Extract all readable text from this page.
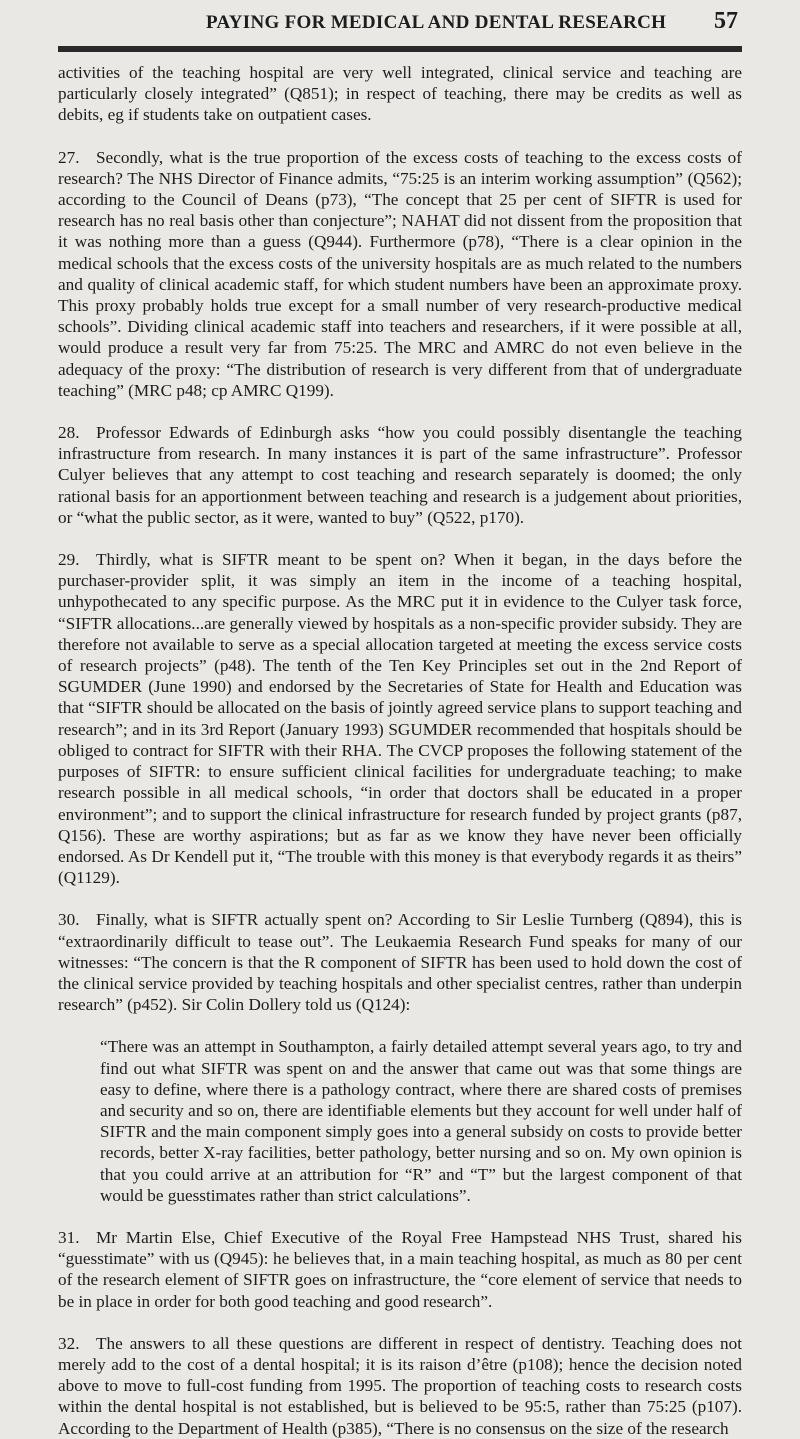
PAYING FOR MEDICAL AND DENTAL RESEARCH 57

activities of the teaching hospital are very well integrated, clinical service and teaching are particularly closely integrated” (Q851); in respect of teaching, there may be credits as well as debits, eg if students take on outpatient cases.

27. Secondly, what is the true proportion of the excess costs of teaching to the excess costs of research? The NHS Director of Finance admits, “75:25 is an interim working assumption” (Q562); according to the Council of Deans (p73), “The concept that 25 per cent of SIFTR is used for research has no real basis other than conjecture”; NAHAT did not dissent from the proposition that it was nothing more than a guess (Q944). Furthermore (p78), “There is a clear opinion in the medical schools that the excess costs of the university hospitals are as much related to the numbers and quality of clinical academic staff, for which student numbers have been an approximate proxy. This proxy probably holds true except for a small number of very research-productive medical schools”. Dividing clinical academic staff into teachers and researchers, if it were possible at all, would produce a result very far from 75:25. The MRC and AMRC do not even believe in the adequacy of the proxy: “The distribution of research is very different from that of undergraduate teaching” (MRC p48; cp AMRC Q199).

28. Professor Edwards of Edinburgh asks “how you could possibly disentangle the teaching infrastructure from research. In many instances it is part of the same infrastructure”. Professor Culyer believes that any attempt to cost teaching and research separately is doomed; the only rational basis for an apportionment between teaching and research is a judgement about priorities, or “what the public sector, as it were, wanted to buy” (Q522, p170).

29. Thirdly, what is SIFTR meant to be spent on? When it began, in the days before the purchaser-provider split, it was simply an item in the income of a teaching hospital, unhypothecated to any specific purpose. As the MRC put it in evidence to the Culyer task force, “SIFTR allocations...are generally viewed by hospitals as a non-specific provider subsidy. They are therefore not available to serve as a special allocation targeted at meeting the excess service costs of research projects” (p48). The tenth of the Ten Key Principles set out in the 2nd Report of SGUMDER (June 1990) and endorsed by the Secretaries of State for Health and Education was that “SIFTR should be allocated on the basis of jointly agreed service plans to support teaching and research”; and in its 3rd Report (January 1993) SGUMDER recommended that hospitals should be obliged to contract for SIFTR with their RHA. The CVCP proposes the following statement of the purposes of SIFTR: to ensure sufficient clinical facilities for undergraduate teaching; to make research possible in all medical schools, “in order that doctors shall be educated in a proper environment”; and to support the clinical infrastructure for research funded by project grants (p87, Q156). These are worthy aspirations; but as far as we know they have never been officially endorsed. As Dr Kendell put it, “The trouble with this money is that everybody regards it as theirs” (Q1129).

30. Finally, what is SIFTR actually spent on? According to Sir Leslie Turnberg (Q894), this is “extraordinarily difficult to tease out”. The Leukaemia Research Fund speaks for many of our witnesses: “The concern is that the R component of SIFTR has been used to hold down the cost of the clinical service provided by teaching hospitals and other specialist centres, rather than underpin research” (p452). Sir Colin Dollery told us (Q124):

“There was an attempt in Southampton, a fairly detailed attempt several years ago, to try and find out what SIFTR was spent on and the answer that came out was that some things are easy to define, where there is a pathology contract, where there are shared costs of premises and security and so on, there are identifiable elements but they account for well under half of SIFTR and the main component simply goes into a general subsidy on costs to provide better records, better X-ray facilities, better pathology, better nursing and so on. My own opinion is that you could arrive at an attribution for “R” and “T” but the largest component of that would be guesstimates rather than strict calculations”.

31. Mr Martin Else, Chief Executive of the Royal Free Hampstead NHS Trust, shared his “guesstimate” with us (Q945): he believes that, in a main teaching hospital, as much as 80 per cent of the research element of SIFTR goes on infrastructure, the “core element of service that needs to be in place in order for both good teaching and good research”.

32. The answers to all these questions are different in respect of dentistry. Teaching does not merely add to the cost of a dental hospital; it is its raison d’être (p108); hence the decision noted above to move to full-cost funding from 1995. The proportion of teaching costs to research costs within the dental hospital is not established, but is believed to be 95:5, rather than 75:25 (p107). According to the Department of Health (p385), “There is no consensus on the size of the research
